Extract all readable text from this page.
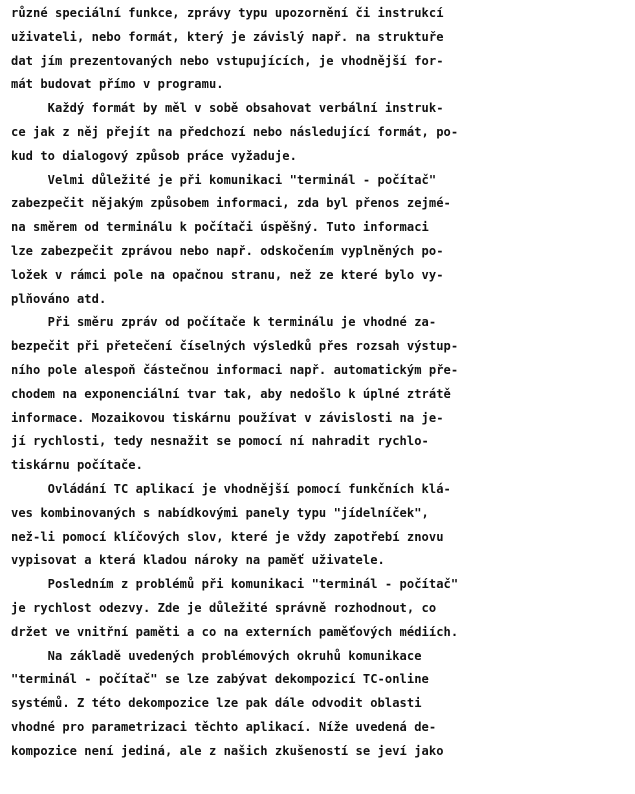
různé speciální funkce, zprávy typu upozornění či instrukcí
uživateli, nebo formát, který je závislý např. na struktuře
dat jím prezentovaných nebo vstupujících, je vhodnější for-
mát budovat přímo v programu.
Každý formát by měl v sobě obsahovat verbální instruk-
ce jak z něj přejít na předchozí nebo následující formát, po-
kud to dialogový způsob práce vyžaduje.
Velmi důležité je při komunikaci "terminál - počítač"
zabezpečit nějakým způsobem informaci, zda byl přenos zejmé-
na směrem od terminálu k počítači úspěšný. Tuto informaci
lze zabezpečit zprávou nebo např. odskočením vyplněných po-
ložek v rámci pole na opačnou stranu, než ze které bylo vy-
plňováno atd.
Při směru zpráv od počítače k terminálu je vhodné za-
bezpečit při přetečení číselných výsledků přes rozsah výstup-
ního pole alespoň částečnou informaci např. automatickým pře-
chodem na exponenciální tvar tak, aby nedošlo k úplné ztrátě
informace. Mozaikovou tiskárnu používat v závislosti na je-
jí rychlosti, tedy nesnažit se pomocí ní nahradit rychlo-
tiskárnu počítače.
Ovládání TC aplikací je vhodnější pomocí funkčních klá-
ves kombinovaných s nabídkovými panely typu "jídelníček",
než-li pomocí klíčových slov, které je vždy zapotřebí znovu
vypisovat a která kladou nároky na paměť uživatele.
Posledním z problémů při komunikaci "terminál - počítač"
je rychlost odezvy. Zde je důležité správně rozhodnout, co
držet ve vnitřní paměti a co na externích paměťových médiích.
Na základě uvedených problémových okruhů komunikace
"terminál - počítač" se lze zabývat dekompozicí TC-online
systémů. Z této dekompozice lze pak dále odvodit oblasti
vhodné pro parametrizaci těchto aplikací. Níže uvedená de-
kompozice není jediná, ale z našich zkušeností se jeví jako
